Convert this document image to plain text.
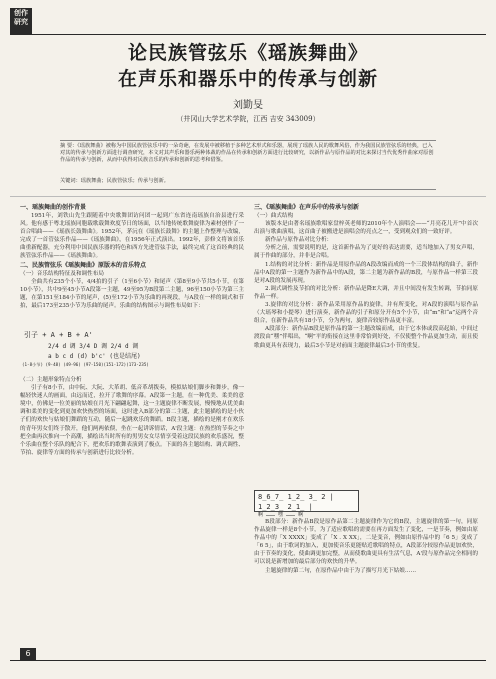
创作研究
论民族管弦乐《瑶族舞曲》
在声乐和器乐中的传承与创新
刘勤旻
（井冈山大学艺术学院，江西 吉安 343009）
摘 要：《瑶族舞曲》被称为中国民族管弦乐中的一朵奇葩，在发展中被移植于多种艺术形式和乐器，展现了瑶族人民的歌舞风俗，作为我国民族管弦乐的经典，已入对其的传承与创新方面进行调查研究，本文对其声乐和器乐两种体裁的作品在传承和创新方面进行比较研究，以新作品与原作品的对比来探讨当代优秀作曲家对原创作品的传承与创新，从而中获得对民族音乐的传承和创新的思考和借鉴。
关键词：瑶族舞曲；民族管弦乐；传承与创新。
一、瑶族舞曲的创作背景
1951年，刘铁山先生跟随着中央歌舞团访问团一起到广东省连南瑶族自治县进行采风。他有感于粤北瑶族同胞载歌载舞欢度节日的场面，以当地传统歌舞旋律为素材创作了一首合唱曲——《瑶族长鼓舞曲》。1952年，茅沅在《瑶族长鼓舞》的主题上作整理与改编，完成了一首管弦乐作品——《瑶族舞曲》，在1956年正式演出。1992年，彭修文将该首乐曲重新配器，充分利用中国民族乐器的特色和西方先进管弦手法，最终完成了这首经典的民族管弦乐作品——《瑶族舞曲》。
二、民族管弦乐《瑶族舞曲》原版本的音乐特点
（一）音乐结构特征及和调性布局
全曲共有235个小节，4/4拍的引子（1至6小节）和尾声（第8至9小节共5小节，在第10小节），共中9至45小节A段第一主题，49至95为B段第二主题，96至150小节为第三主题，在第151至184小节的尾声，(5)至172小节为乐曲的再现段，与A段在一样的调式和节拍，最后173至235小节为乐曲的尾声。乐曲的结构图示与调性布局如下：
引子 + A + B + A'
2/4 d 调 3/4 D 调 2/4 d 调
a b c d (d) b'c' (也是结尾)
(1-8小节) (9-48) (49-96) (97-150)(151-172)(173-235)
（二）主题形象特点分析
引子有8小节，由中阮、大阮、大革胡、低音革胡拨奏，模拟姑娘们脚步和舞步，像一幅轻快迷人的画面，由远而近，拉开了歌舞的序幕。A段第一主题，在一种优美、柔美的意境中，仿佛是一位美丽的姑娘在月光下翩翩起舞，这一主题旋律不断发展，慢慢地从优美曲调和柔美的变化到更加欢快热烈的场面，这时进入B部分的第二主题，此主题描绘的是小伙子们的欢快与姑娘们舞蹈的互动，随后一起跳欢乐的舞蹈。B段主题，描绘的是刚才在欢乐的青年男女们终于散开，他们两两依偎，坐在一起讲诉情话，A'段主题：在热烈的节奏之中把全曲再次推向一个高潮，描绘出当时所有的男男女女尽情享受着这段民族的欢乐盛况，整个乐曲在整个乐队的配合下，把欢乐的歌舞表演到了极点。下面的各主题结构、调式调性、节拍、旋律等方面的传承与创新进行比较分析。
三、《瑶族舞曲》在声乐中的传承与创新
（一）曲式结构
该版本是由著名瑶族歌唱家盘梓英老师的2010年个人演唱会——“月亮花儿开”中首次出演与歌曲演唱，这首曲子被搬进是演唱会的亮点之一，受到观众们的一致好评。
新作品与原作品对比分析：
分析之前，需要说明的是，这首新作品为了更好的表达需要，适当地加入了男女声唱，属于作曲的部分，并非是合唱。
1.结构的对比分析：新作品是用原作品的A段改编而成的一个三段体结构的曲子，新作品中A段的第一主题作为新作品中的A段，第二主题为新作品的B段，与原作品一样第三段是对A段的发展再现。
2.调式调性及节拍的对比分析：新作品是降E大调，并且中间没有发生转调，节拍同原作品一样。
3.旋律的对比分析：新作品采用原作品的旋律，并有所变化，对A段的演唱与原作品（大瑶琴和小提琴）进行演奏，新作品的引子和原分开有5个小节，由“m”和“a”运两个音组合，在新作品共有18小节，分为两句，旋律音较原作品更丰富。
A段部分：新作品B段是原作品的第一主题改编而成，由于它本体或段高起始，中间过渡段由“嘿”伴唱出，“啊”平的衔接在这里非常恰到好处，不仅使整个作品更加生动，而且使歌曲更具有表现力，最后3小节是对前面主题旋律最后3小节的重复。
8̲6̲7̲ 1̲2̲ 3̲ 2 | 1̲2̲3̲ 2̲1̲ |
啊 ……… 嘿 ……… 啊
B段部分：新作品B段是原作品第二主题旋律作为它的B段，主题旋律的第一句，同原作品旋律一样是8个小节，为了适应歌唱的需要在再方面发生了变化，一是节奏，例如由原作品中的「X XXXX」变成了「X . X XX」，二是变音，例如由原作品中的「6 5」变成了「6 5」，由于歌词的加入，更加使音乐更能贴近歌唱的特点，A段部分较原作品更加欢快，由于节奏的变化，使曲调更加完整，从而使歌曲更具有生活气息，A'段与原作品完全相同的可以说是新增加的最后部分的欢快的升华。
主题旋律的第二句，在原作品中由于为了描写月光下姑娘……
6
